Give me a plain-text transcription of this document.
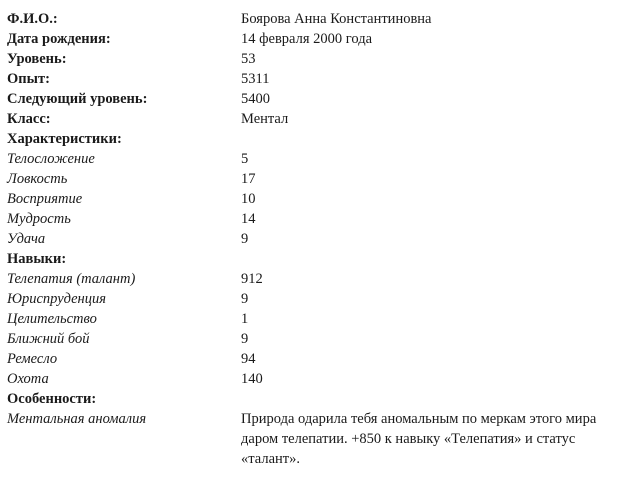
Ф.И.О.:	Боярова Анна Константиновна
Дата рождения:	14 февраля 2000 года
Уровень:	53
Опыт:	5311
Следующий уровень:	5400
Класс:	Ментал
Характеристики:
Телосложение	5
Ловкость	17
Восприятие	10
Мудрость	14
Удача	9
Навыки:
Телепатия (талант)	912
Юриспруденция	9
Целительство	1
Ближний бой	9
Ремесло	94
Охота	140
Особенности:
Ментальная аномалия	Природа одарила тебя аномальным по меркам этого мира даром телепатии. +850 к навыку «Телепатия» и статус «талант».
